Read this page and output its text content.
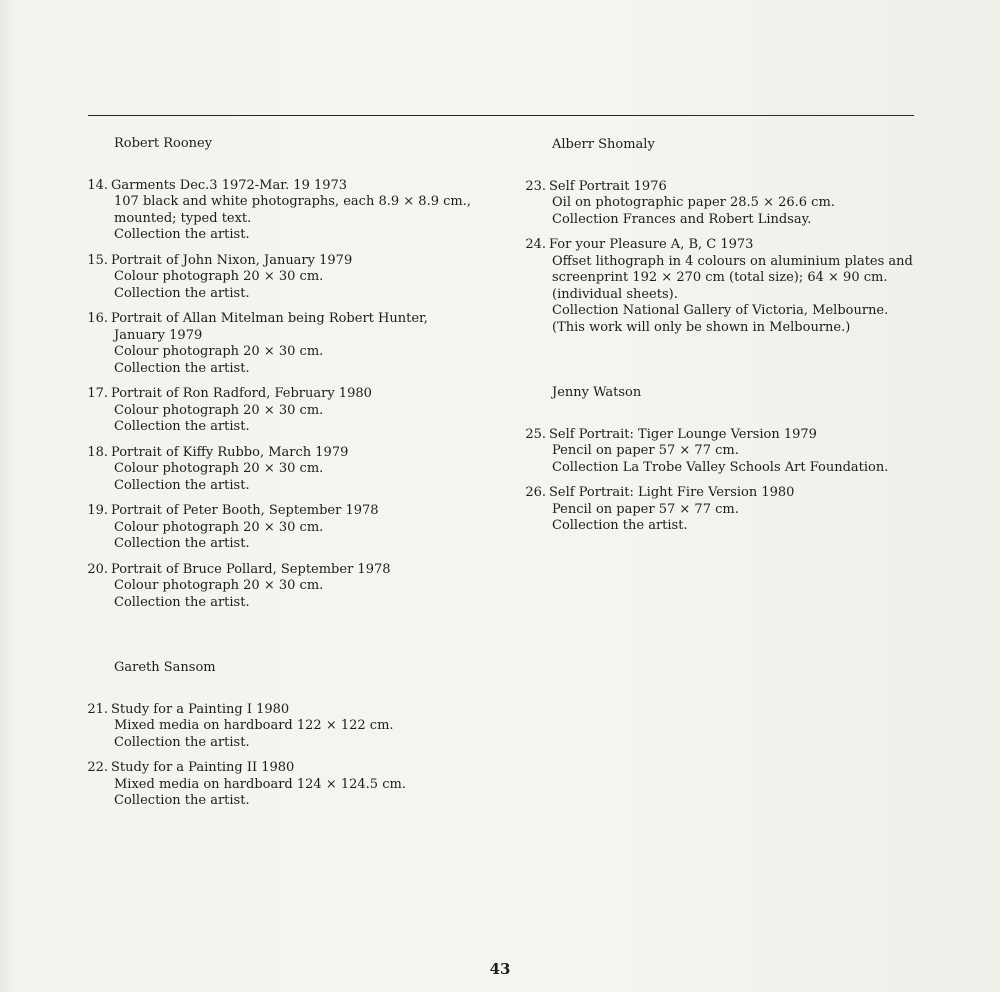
Robert Rooney
14. Garments Dec.3 1972-Mar. 19 1973
107 black and white photographs, each 8.9 × 8.9 cm.,
mounted; typed text.
Collection the artist.
15. Portrait of John Nixon, January 1979
Colour photograph 20 × 30 cm.
Collection the artist.
16. Portrait of Allan Mitelman being Robert Hunter,
January 1979
Colour photograph 20 × 30 cm.
Collection the artist.
17. Portrait of Ron Radford, February 1980
Colour photograph 20 × 30 cm.
Collection the artist.
18. Portrait of Kiffy Rubbo, March 1979
Colour photograph 20 × 30 cm.
Collection the artist.
19. Portrait of Peter Booth, September 1978
Colour photograph 20 × 30 cm.
Collection the artist.
20. Portrait of Bruce Pollard, September 1978
Colour photograph 20 × 30 cm.
Collection the artist.
Gareth Sansom
21. Study for a Painting I 1980
Mixed media on hardboard 122 × 122 cm.
Collection the artist.
22. Study for a Painting II 1980
Mixed media on hardboard 124 × 124.5 cm.
Collection the artist.
Alberr Shomaly
23. Self Portrait 1976
Oil on photographic paper 28.5 × 26.6 cm.
Collection Frances and Robert Lindsay.
24. For your Pleasure A, B, C 1973
Offset lithograph in 4 colours on aluminium plates and
screenprint 192 × 270 cm (total size); 64 × 90 cm.
(individual sheets).
Collection National Gallery of Victoria, Melbourne.
(This work will only be shown in Melbourne.)
Jenny Watson
25. Self Portrait: Tiger Lounge Version 1979
Pencil on paper 57 × 77 cm.
Collection La Trobe Valley Schools Art Foundation.
26. Self Portrait: Light Fire Version 1980
Pencil on paper 57 × 77 cm.
Collection the artist.
43
